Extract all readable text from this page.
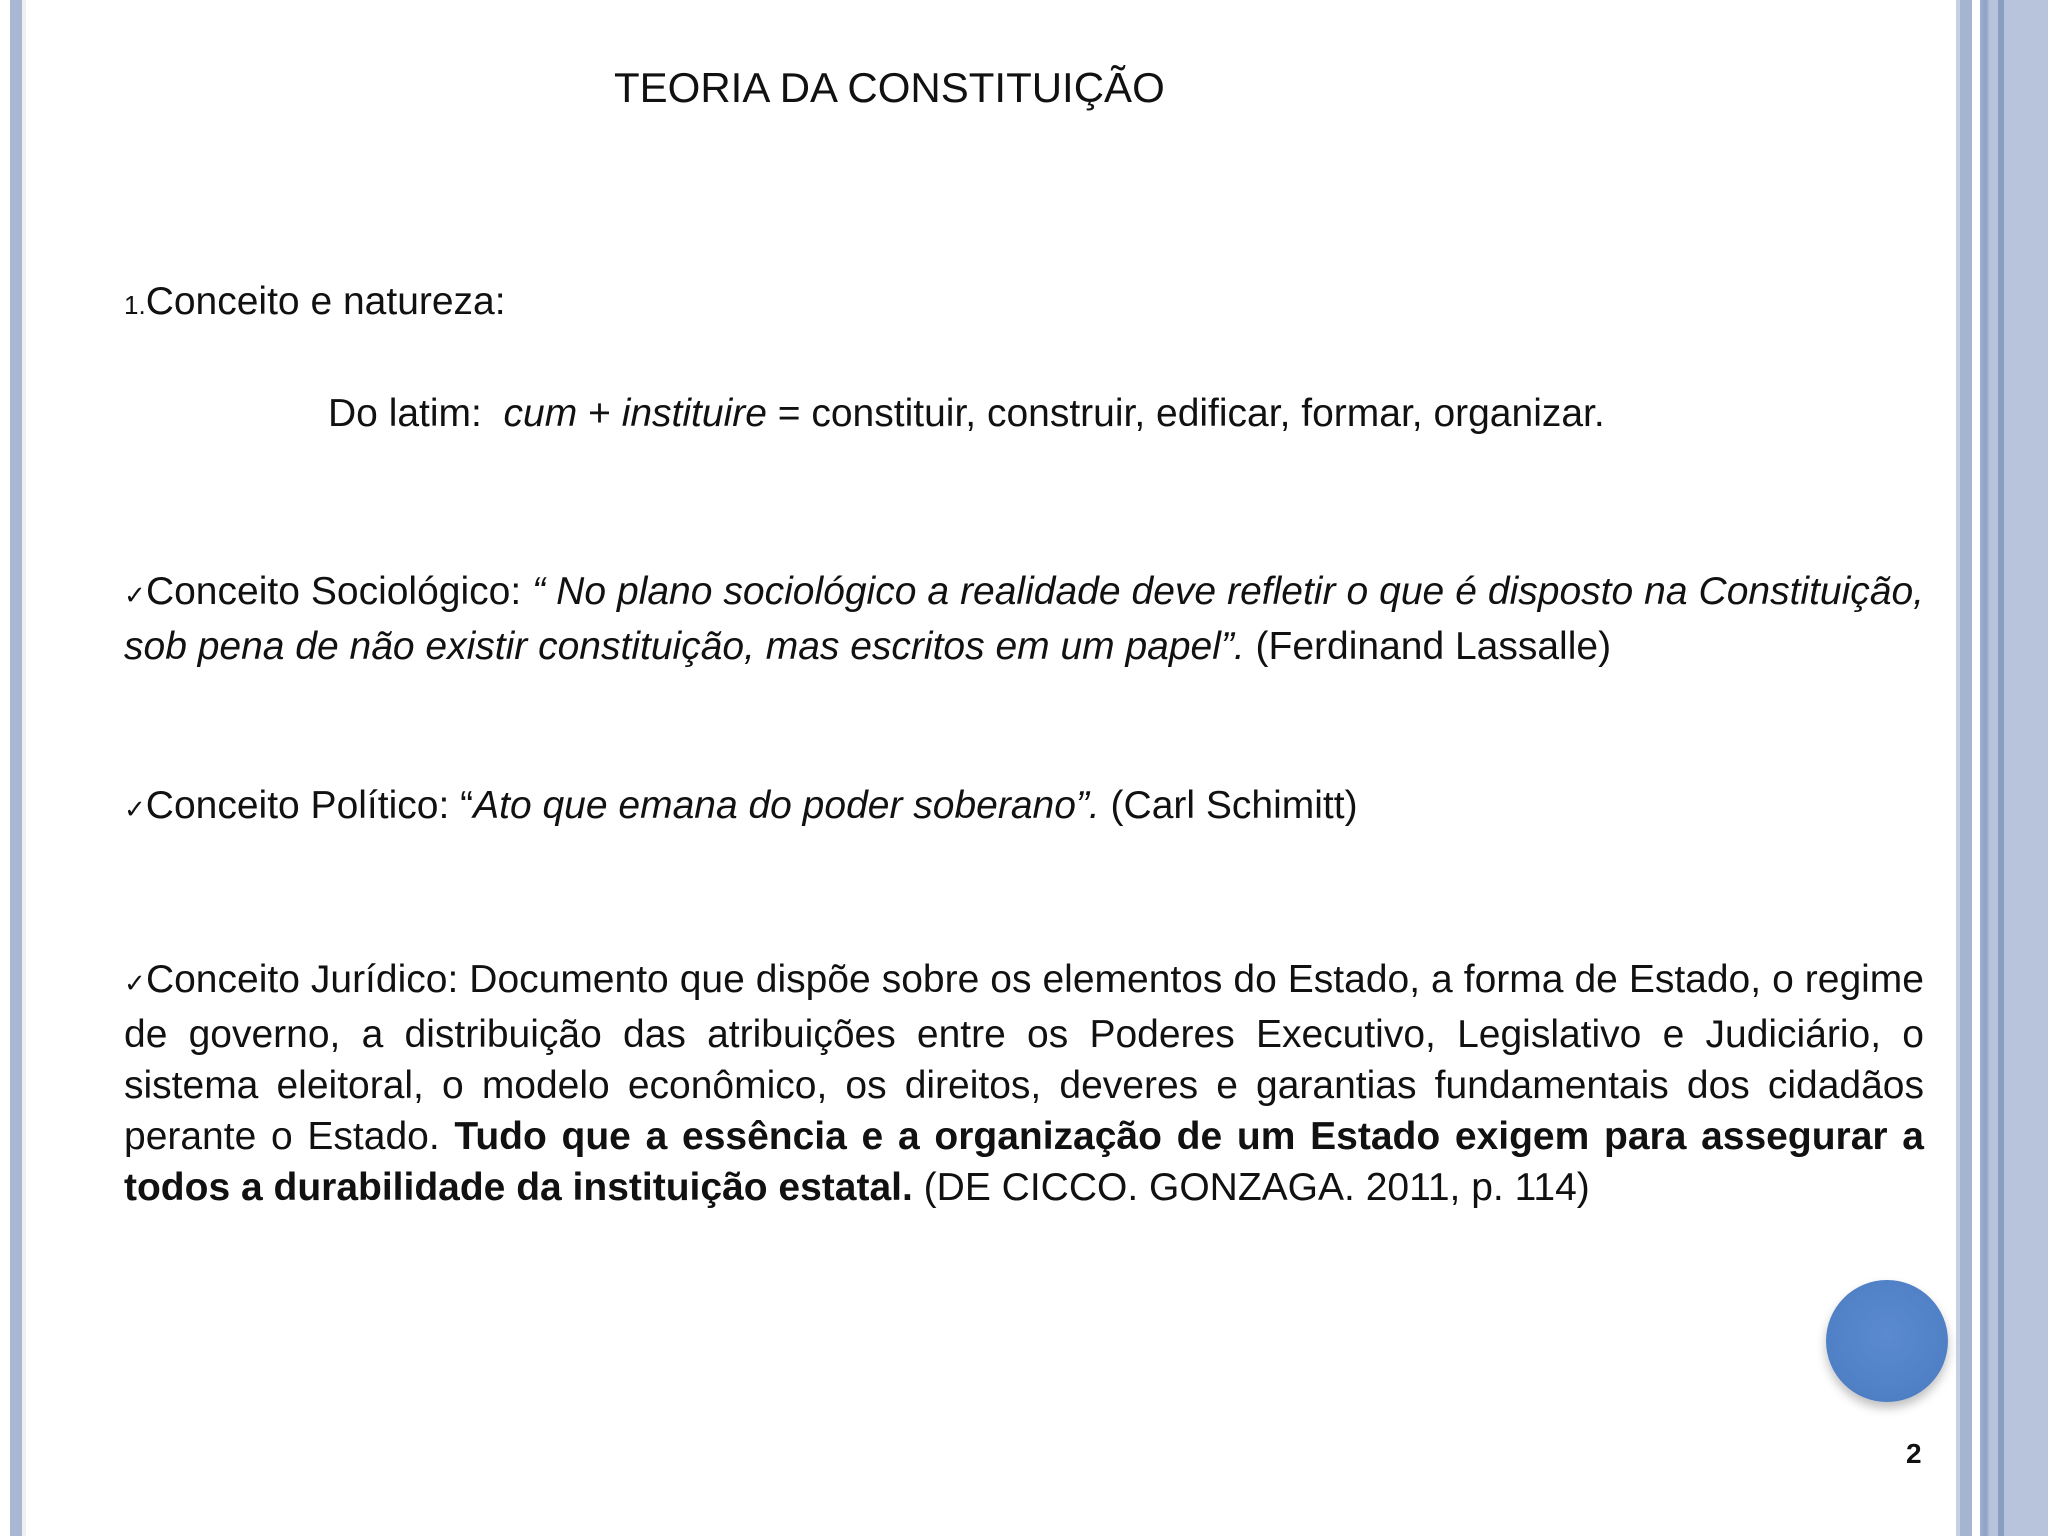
TEORIA DA CONSTITUIÇÃO
1.Conceito e natureza:
Do latim:  cum + instituire = constituir, construir, edificar, formar, organizar.
✓Conceito Sociológico: “ No plano sociológico a realidade deve refletir o que é disposto na Constituição, sob pena de não existir constituição, mas escritos em um papel”. (Ferdinand Lassalle)
✓Conceito Político: “Ato que emana do poder soberano”. (Carl Schimitt)
✓Conceito Jurídico: Documento que dispõe sobre os elementos do Estado, a forma de Estado, o regime de governo, a distribuição das atribuições entre os Poderes Executivo, Legislativo e Judiciário, o sistema eleitoral, o modelo econômico, os direitos, deveres e garantias fundamentais dos cidadãos perante o Estado. Tudo que a essência e a organização de um Estado exigem para assegurar a todos a durabilidade da instituição estatal. (DE CICCO. GONZAGA. 2011, p. 114)
2
